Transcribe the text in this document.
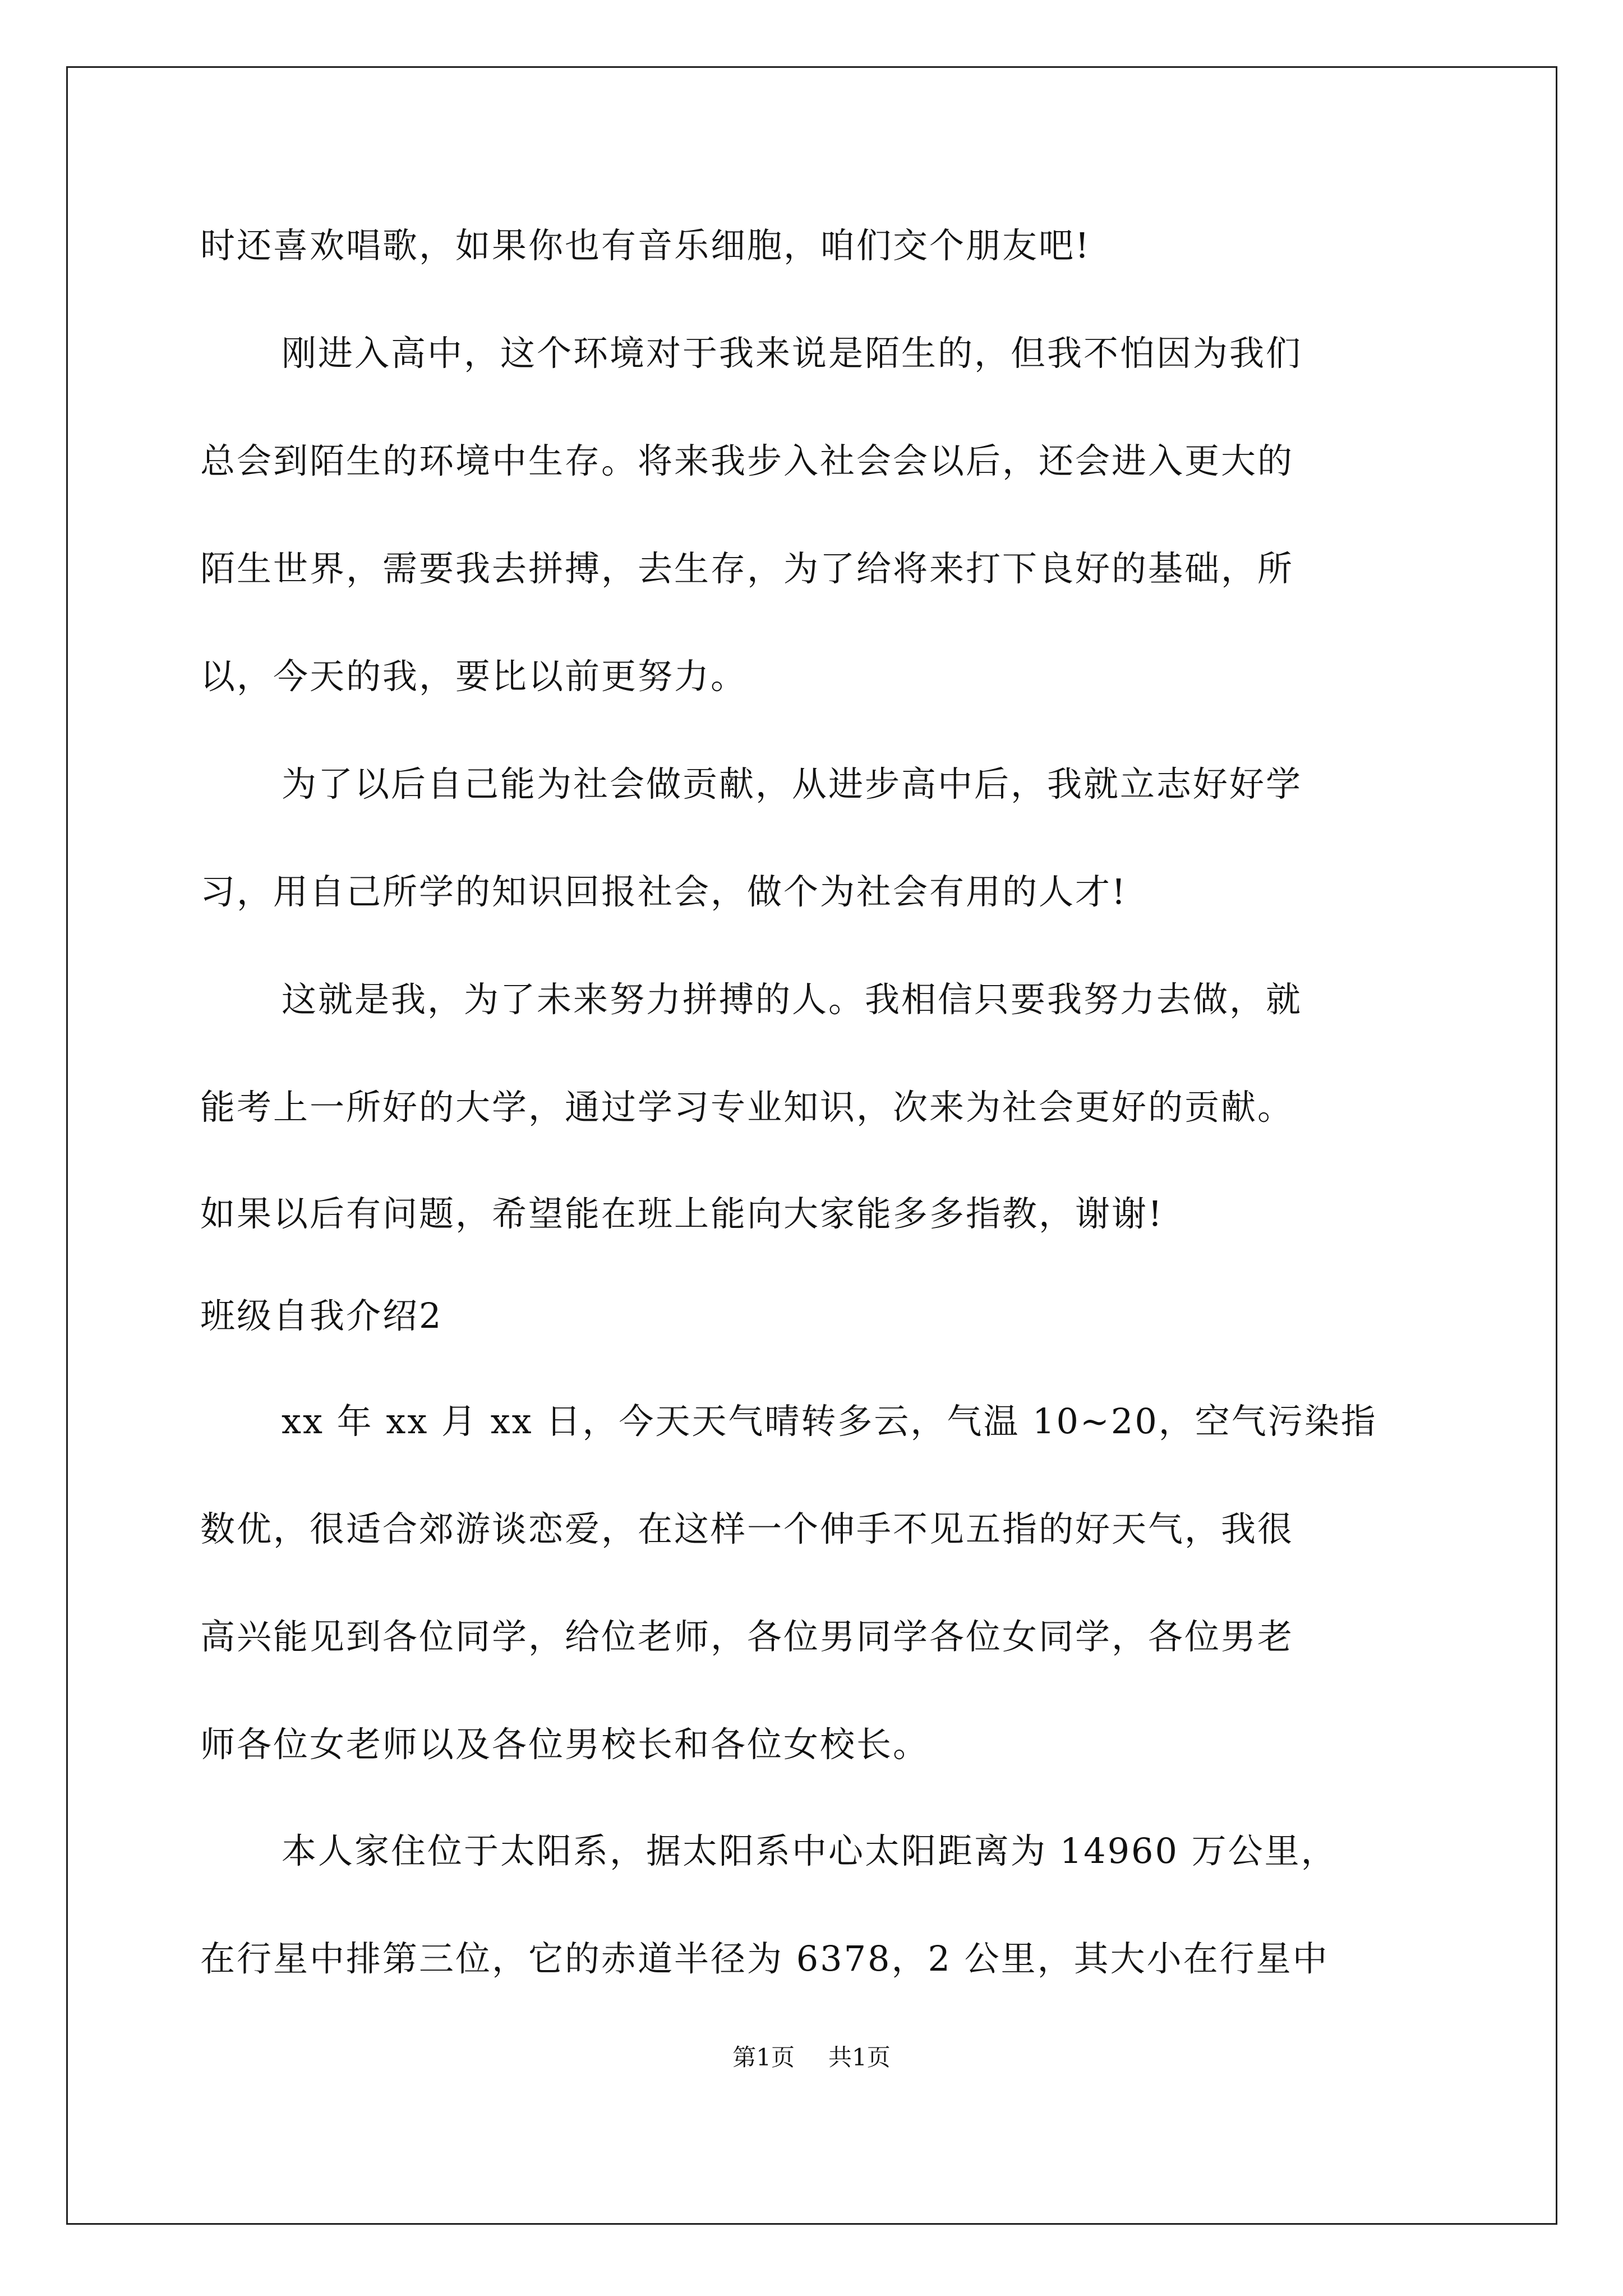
时还喜欢唱歌，如果你也有音乐细胞，咱们交个朋友吧!
刚进入高中，这个环境对于我来说是陌生的，但我不怕因为我们
总会到陌生的环境中生存。将来我步入社会会以后，还会进入更大的
陌生世界，需要我去拼搏，去生存，为了给将来打下良好的基础，所
以，今天的我，要比以前更努力。
为了以后自己能为社会做贡献，从进步高中后，我就立志好好学
习，用自己所学的知识回报社会，做个为社会有用的人才!
这就是我，为了未来努力拼搏的人。我相信只要我努力去做，就
能考上一所好的大学，通过学习专业知识，次来为社会更好的贡献。
如果以后有问题，希望能在班上能向大家能多多指教，谢谢!
班级自我介绍2
xx 年 xx 月 xx 日，今天天气晴转多云，气温 10~20，空气污染指
数优，很适合郊游谈恋爱，在这样一个伸手不见五指的好天气，我很
高兴能见到各位同学，给位老师，各位男同学各位女同学，各位男老
师各位女老师以及各位男校长和各位女校长。
本人家住位于太阳系，据太阳系中心太阳距离为 14960 万公里，
在行星中排第三位，它的赤道半径为 6378，2 公里，其大小在行星中
第1页 共1页
